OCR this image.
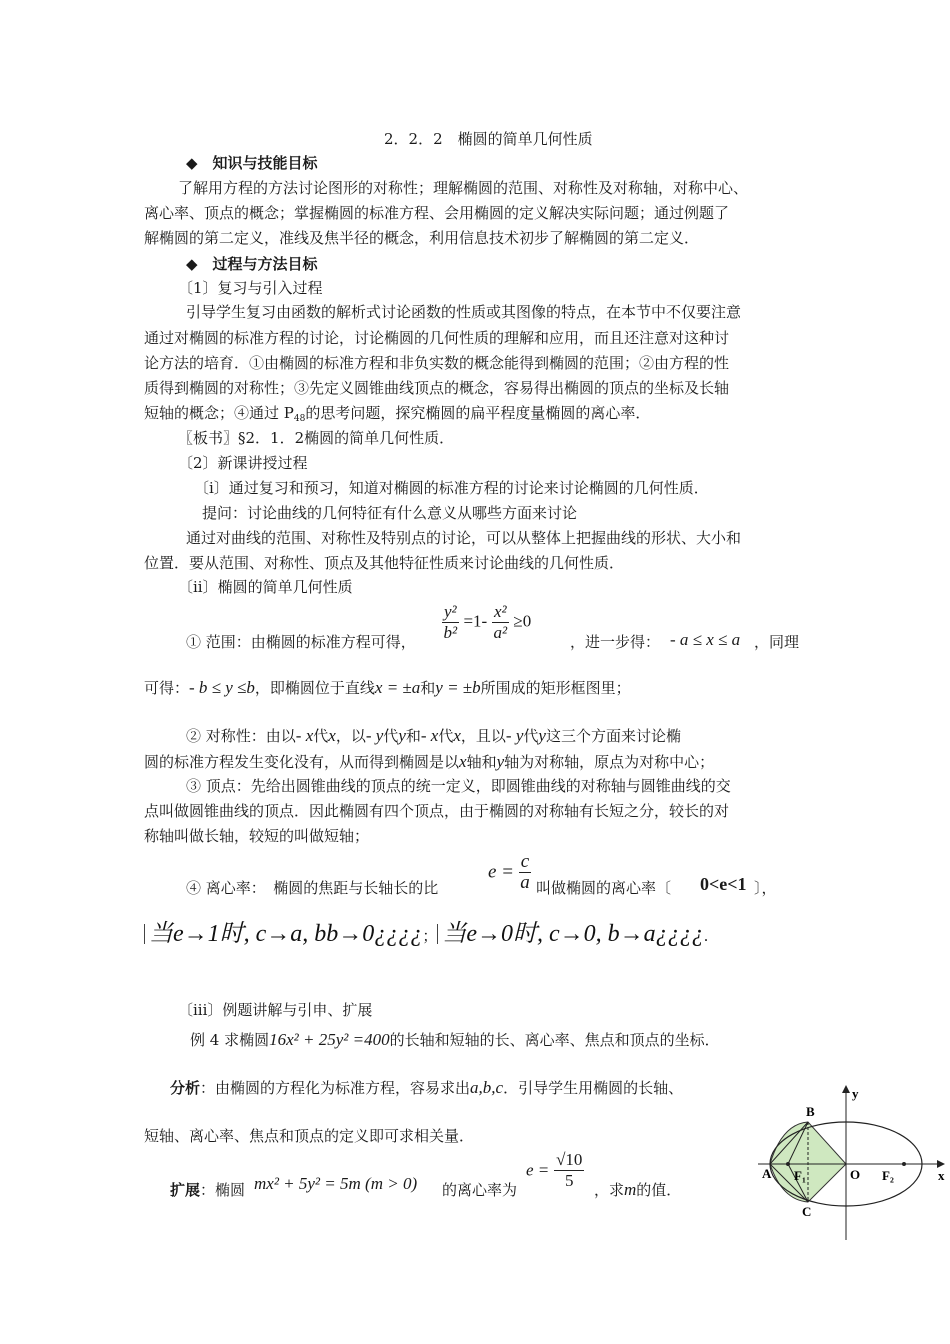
2．2．2　椭圆的简单几何性质
◆　知识与技能目标
了解用方程的方法讨论图形的对称性；理解椭圆的范围、对称性及对称轴，对称中心、
离心率、顶点的概念；掌握椭圆的标准方程、会用椭圆的定义解决实际问题；通过例题了
解椭圆的第二定义，准线及焦半径的概念，利用信息技术初步了解椭圆的第二定义．
◆　过程与方法目标
〔1〕复习与引入过程
引导学生复习由函数的解析式讨论函数的性质或其图像的特点，在本节中不仅要注意
通过对椭圆的标准方程的讨论，讨论椭圆的几何性质的理解和应用，而且还注意对这种讨
论方法的培育．①由椭圆的标准方程和非负实数的概念能得到椭圆的范围；②由方程的性
质得到椭圆的对称性；③先定义圆锥曲线顶点的概念，容易得出椭圆的顶点的坐标及长轴
短轴的概念；④通过 $P_{48}$的思考问题，探究椭圆的扁平程度量椭圆的离心率．
〖板书〗§2．1．2椭圆的简单几何性质．
〔2〕新课讲授过程
〔i〕通过复习和预习，知道对椭圆的标准方程的讨论来讨论椭圆的几何性质．
提问：讨论曲线的几何特征有什么意义从哪些方面来讨论
通过对曲线的范围、对称性及特别点的讨论，可以从整体上把握曲线的形状、大小和
位置．要从范围、对称性、顶点及其他特征性质来讨论曲线的几何性质．
〔ii〕椭圆的简单几何性质
① 范围：由椭圆的标准方程可得， $\frac{\text{y²}}{\text{b²}} =1- \frac{\text{x²}}{\text{a²}} \ge 0$
，进一步得： - a ≤ x ≤ a ，同理
可得：- b ≤ y ≤b，即椭圆位于直线x = ±a和y = ±b所围成的矩形框图里；
② 对称性：由以- x代x，以- y代y和- x代x，且以- y代y这三个方面来讨论椭
圆的标准方程发生变化没有，从而得到椭圆是以x轴和y轴为对称轴，原点为对称中心；
③ 顶点：先给出圆锥曲线的顶点的统一定义，即圆锥曲线的对称轴与圆锥曲线的交
点叫做圆锥曲线的顶点．因此椭圆有四个顶点，由于椭圆的对称轴有长短之分，较长的对
称轴叫做长轴，较短的叫做短轴；
④ 离心率：　椭圆的焦距与长轴长的比
$e = \frac{c}{a}$ 叫做椭圆的离心率〔 0<e<1 〕，
当e→1时, c→a, bb→0¿¿¿¿； 当e→0时, c→0, b→a¿¿¿¿.
〔iii〕例题讲解与引申、扩展
例 4 求椭圆16x² + 25y² =400的长轴和短轴的长、离心率、焦点和顶点的坐标．
分析：由椭圆的方程化为标准方程，容易求出a,b,c．引导学生用椭圆的长轴、
短轴、离心率、焦点和顶点的定义即可求相关量．
扩展：椭圆 mx² + 5y² = 5m (m > 0) 的离心率为
$e = \frac{√10}{5}$ ，求m的值．
y
x
A
B
C
O
F₁	F₂
